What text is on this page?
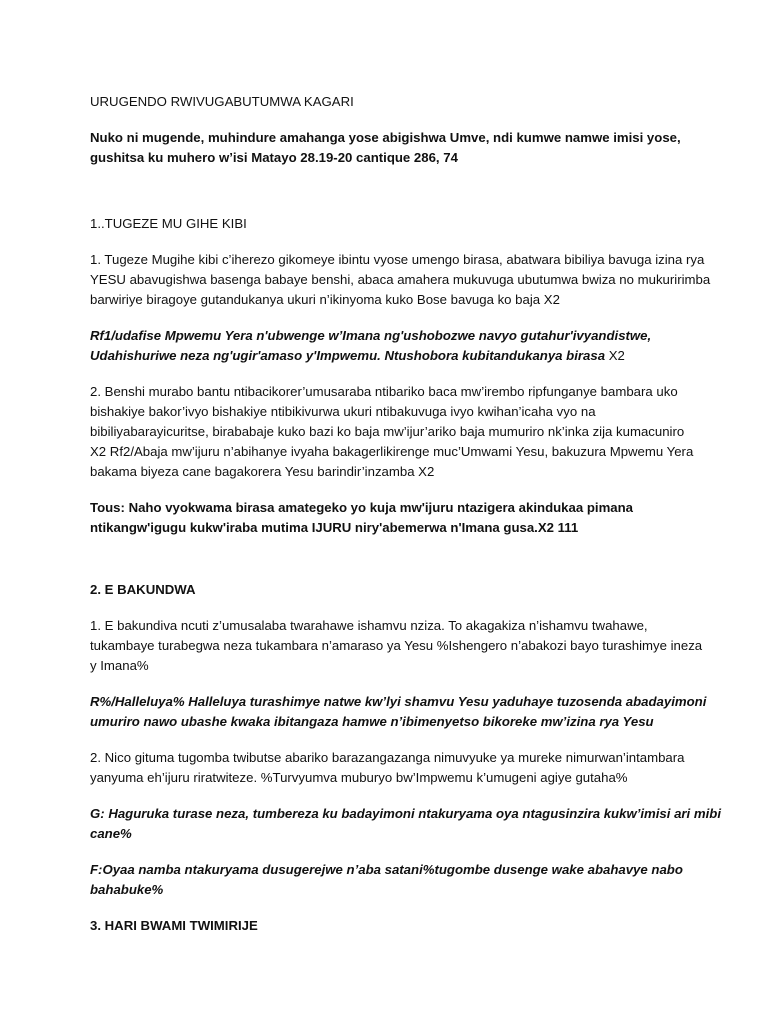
URUGENDO RWIVUGABUTUMWA KAGARI
Nuko ni mugende, muhindure amahanga yose abigishwa Umve, ndi kumwe namwe imisi yose,
gushitsa ku muhero w’isi Matayo 28.19-20 cantique 286, 74
1..TUGEZE MU GIHE KIBI
1. Tugeze Mugihe kibi c’iherezo gikomeye ibintu vyose umengo birasa, abatwara bibiliya bavuga izina rya
YESU abavugishwa basenga babaye benshi, abaca amahera mukuvuga ubutumwa bwiza no mukuririmba
barwiriye biragoye gutandukanya ukuri n’ikinyoma kuko Bose bavuga ko baja X2
Rf1/udafise Mpwemu Yera n'ubwenge w’Imana ng'ushobozwe navyo gutahur'ivyandistwe,
Udahishuriwe neza ng'ugir'amaso y'Impwemu. Ntushobora kubitandukanya birasa X2
2. Benshi murabo bantu ntibacikorer’umusaraba ntibariko baca mw’irembo ripfunganye bambara uko
bishakiye bakor’ivyo bishakiye ntibikivurwa ukuri ntibakuvuga ivyo kwihan’icaha vyo na
bibiliyabarayicuritse, birababaje kuko bazi ko baja mw’ijur’ariko baja mumuriro nk’inka zija kumacuniro
X2 Rf2/Abaja mw’ijuru n’abihanye ivyaha bakagerlikirenge muc’Umwami Yesu, bakuzura Mpwemu Yera
bakama biyeza cane bagakorera Yesu barindir’inzamba X2
Tous: Naho vyokwama birasa amategeko yo kuja mw'ijuru ntazigera akindukaa pimana
ntikangw'igugu kukw'iraba mutima IJURU niry'abemerwa n'Imana gusa.X2 111
2. E BAKUNDWA
1. E bakundiva ncuti z’umusalaba twarahawe ishamvu nziza. To akagakiza n’ishamvu twahawe,
tukambaye turabegwa neza tukambara n’amaraso ya Yesu %Ishengero n’abakozi bayo turashimye ineza
y Imana%
R%/Halleluya% Halleluya turashimye natwe kw’lyi shamvu Yesu yaduhaye tuzosenda abadayimoni
umuriro nawo ubashe kwaka ibitangaza hamwe n’ibimenyetso bikoreke mw’izina rya Yesu
2. Nico gituma tugomba twibutse abariko barazangazanga nimuvyuke ya mureke nimurwan’intambara
yanyuma eh’ijuru riratwiteze. %Turvyumva muburyo bw’Impwemu k’umugeni agiye gutaha%
G: Haguruka turase neza, tumbereza ku badayimoni ntakuryama oya ntagusinzira kukw’imisi ari mibi
cane%
F:Oyaa namba ntakuryama dusugerejwe n’aba satani%tugombe dusenge wake abahavye nabo
bahabuke%
3. HARI BWAMI TWIMIRIJE
